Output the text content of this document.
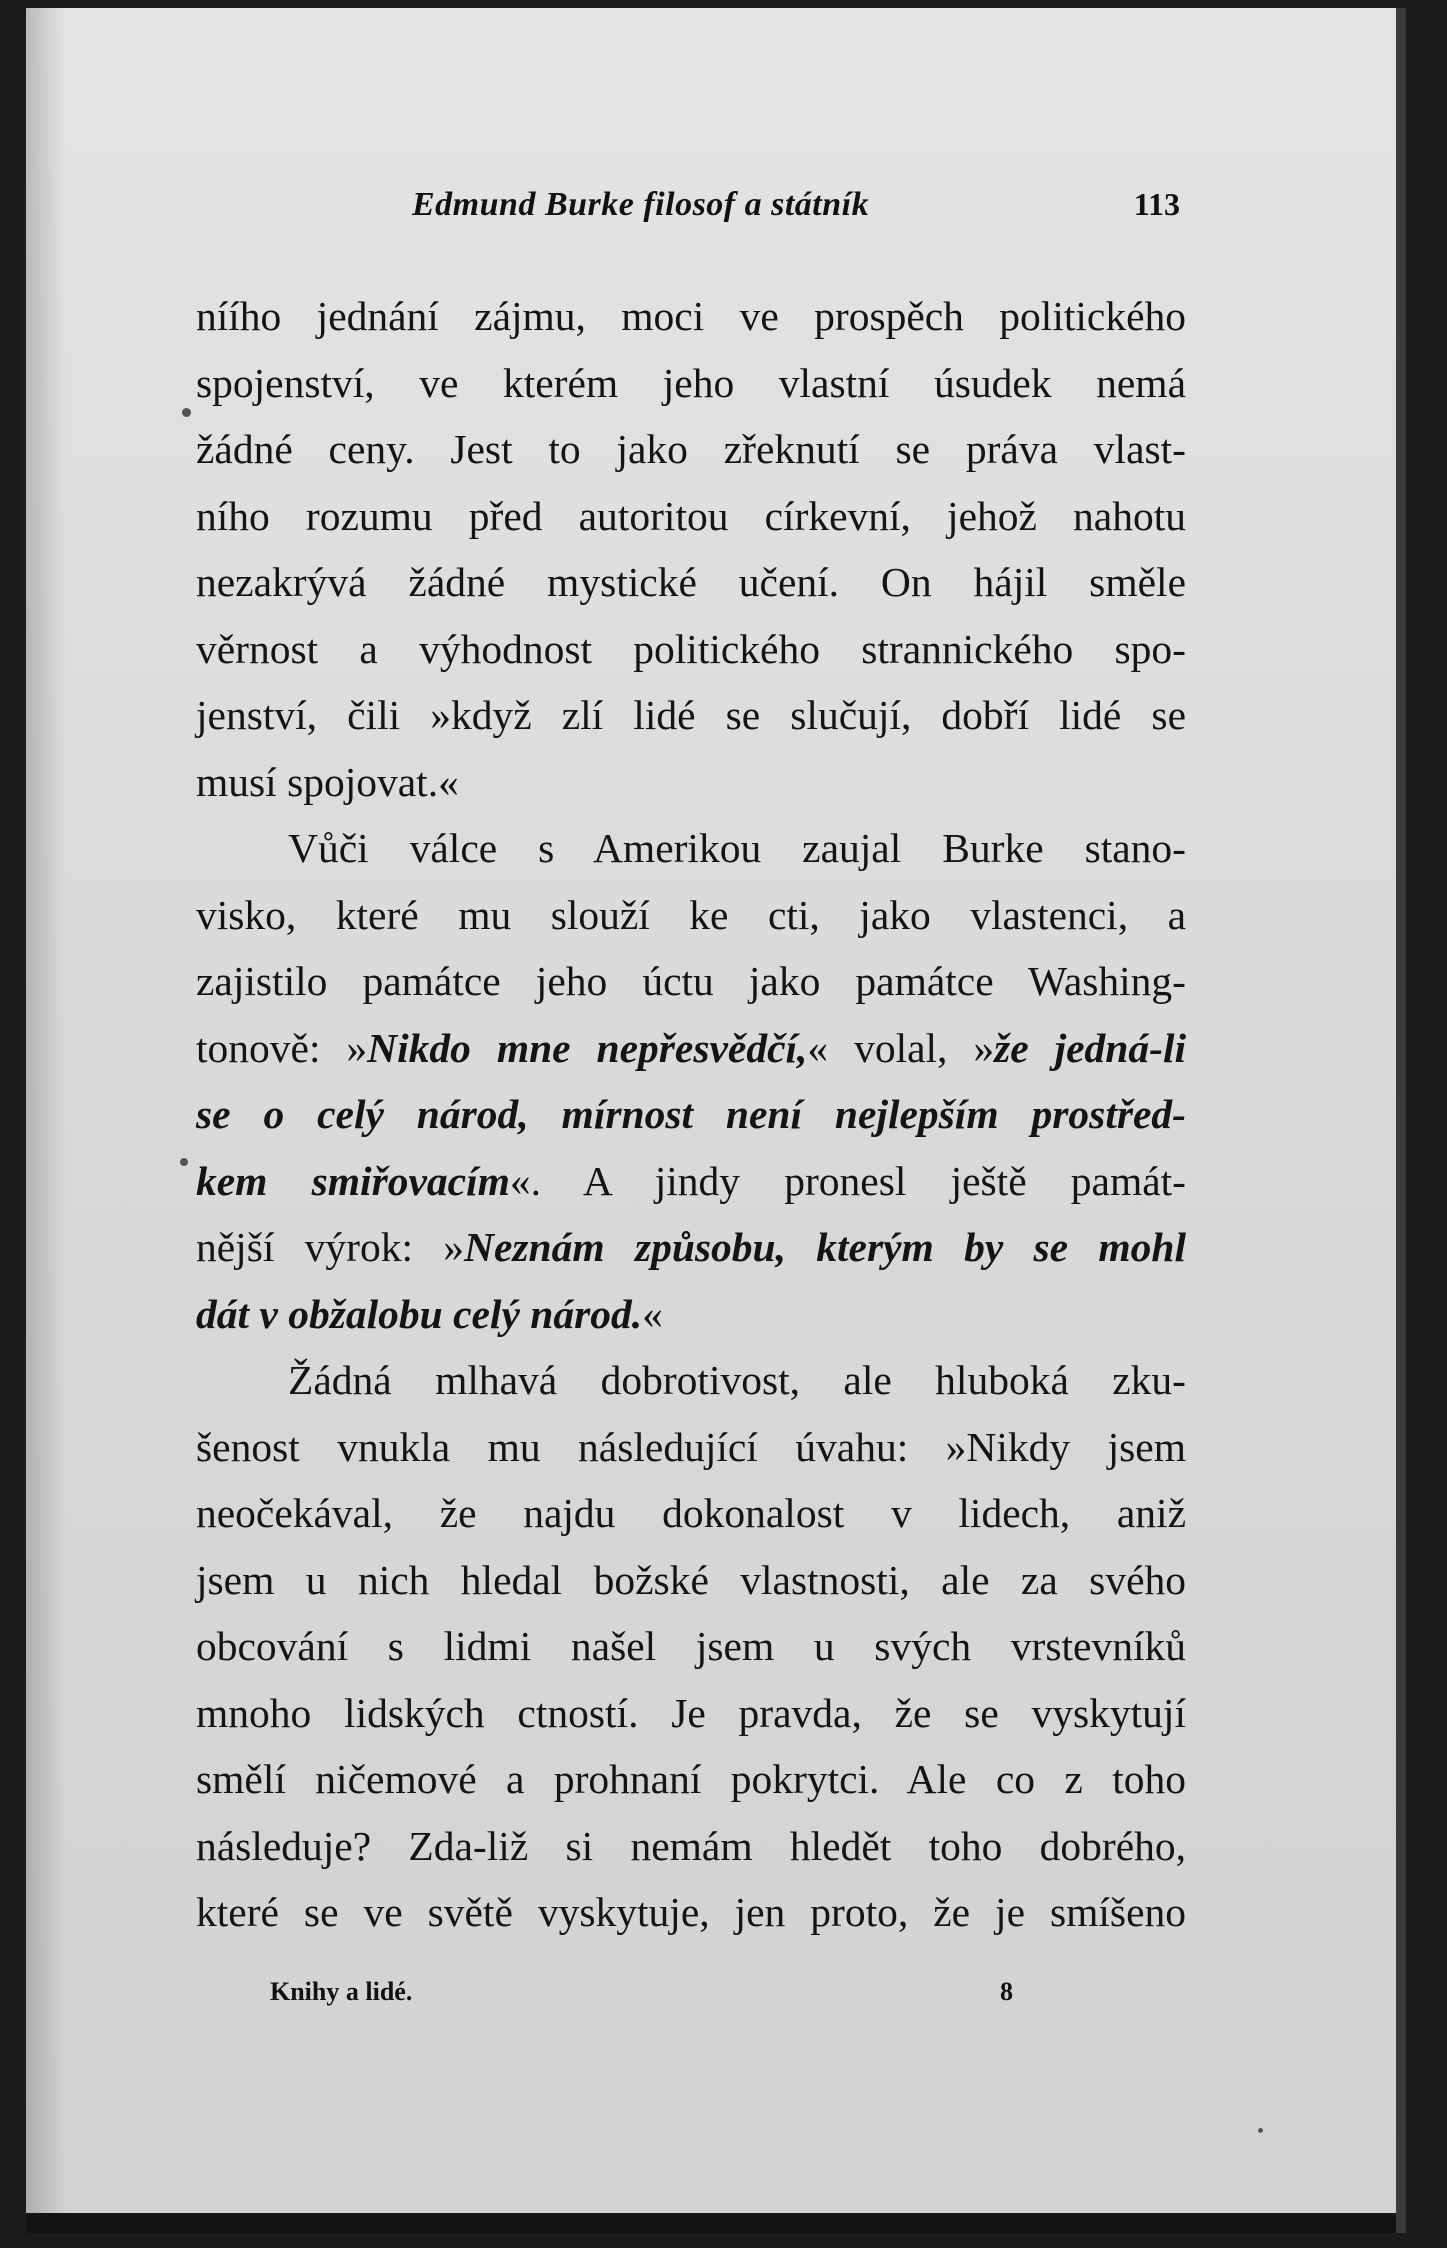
Edmund Burke filosof a státník	113
níího jednání zájmu, moci ve prospěch politického
spojenství, ve kterém jeho vlastní úsudek nemá
žádné ceny. Jest to jako zřeknutí se práva vlast-
ního rozumu před autoritou církevní, jehož nahotu
nezakrývá žádné mystické učení. On hájil směle
věrnost a výhodnost politického strannického spo-
jenství, čili »když zlí lidé se slučují, dobří lidé se
musí spojovat.«
Vůči válce s Amerikou zaujal Burke stano-
visko, které mu slouží ke cti, jako vlastenci, a
zajistilo památce jeho úctu jako památce Washing-
tonově: »Nikdo mne nepřesvědčí,« volal, »že jedná-li
se o celý národ, mírnost není nejlepším prostřed-
kem smiřovacím«. A jindy pronesl ještě památ-
nější výrok: »Neznám způsobu, kterým by se mohl
dát v obžalobu celý národ.«
Žádná mlhavá dobrotivost, ale hluboká zku-
šenost vnukla mu následující úvahu: »Nikdy jsem
neočekával, že najdu dokonalost v lidech, aniž
jsem u nich hledal božské vlastnosti, ale za svého
obcování s lidmi našel jsem u svých vrstevníků
mnoho lidských ctností. Je pravda, že se vyskytují
smělí ničemové a prohnaní pokrytci. Ale co z toho
následuje? Zda-liž si nemám hledět toho dobrého,
které se ve světě vyskytuje, jen proto, že je smíšeno
Knihy a lidé.	8
